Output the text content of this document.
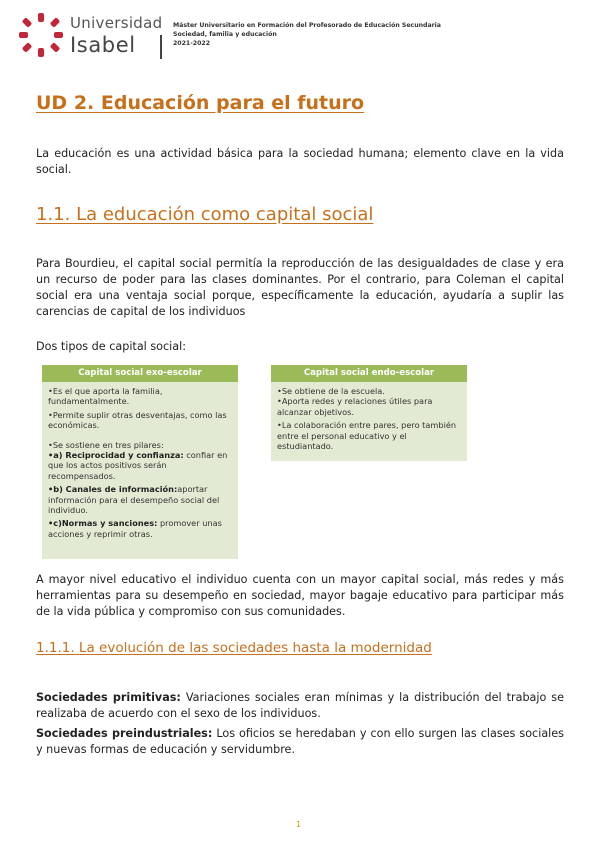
Universidad
Isabel
Máster Universitario en Formación del Profesorado de Educación Secundaria
Sociedad, familia y educación
2021-2022
UD 2. Educación para el futuro

La educación es una actividad básica para la sociedad humana; elemento clave en la vida social.

1.1. La educación como capital social

Para Bourdieu, el capital social permitía la reproducción de las desigualdades de clase y era un recurso de poder para las clases dominantes. Por el contrario, para Coleman el capital social era una ventaja social porque, específicamente la educación, ayudaría a suplir las carencias de capital de los individuos

Dos tipos de capital social:

Capital social exo-escolar
•Es el que aporta la familia, fundamentalmente.
•Permite suplir otras desventajas, como las económicas.
•Se sostiene en tres pilares:
•a) Reciprocidad y confianza: confiar en que los actos positivos serán recompensados.
•b) Canales de información:aportar información para el desempeño social del individuo.
•c)Normas y sanciones: promover unas acciones y reprimir otras.
Capital social endo-escolar
•Se obtiene de la escuela.
•Aporta redes y relaciones útiles para alcanzar objetivos.
•La colaboración entre pares, pero también entre el personal educativo y el estudiantado.

A mayor nivel educativo el individuo cuenta con un mayor capital social, más redes y más herramientas para su desempeño en sociedad, mayor bagaje educativo para participar más de la vida pública y compromiso con sus comunidades.

1.1.1. La evolución de las sociedades hasta la modernidad

Sociedades primitivas: Variaciones sociales eran mínimas y la distribución del trabajo se realizaba de acuerdo con el sexo de los individuos.

Sociedades preindustriales: Los oficios se heredaban y con ello surgen las clases sociales y nuevas formas de educación y servidumbre.

1
